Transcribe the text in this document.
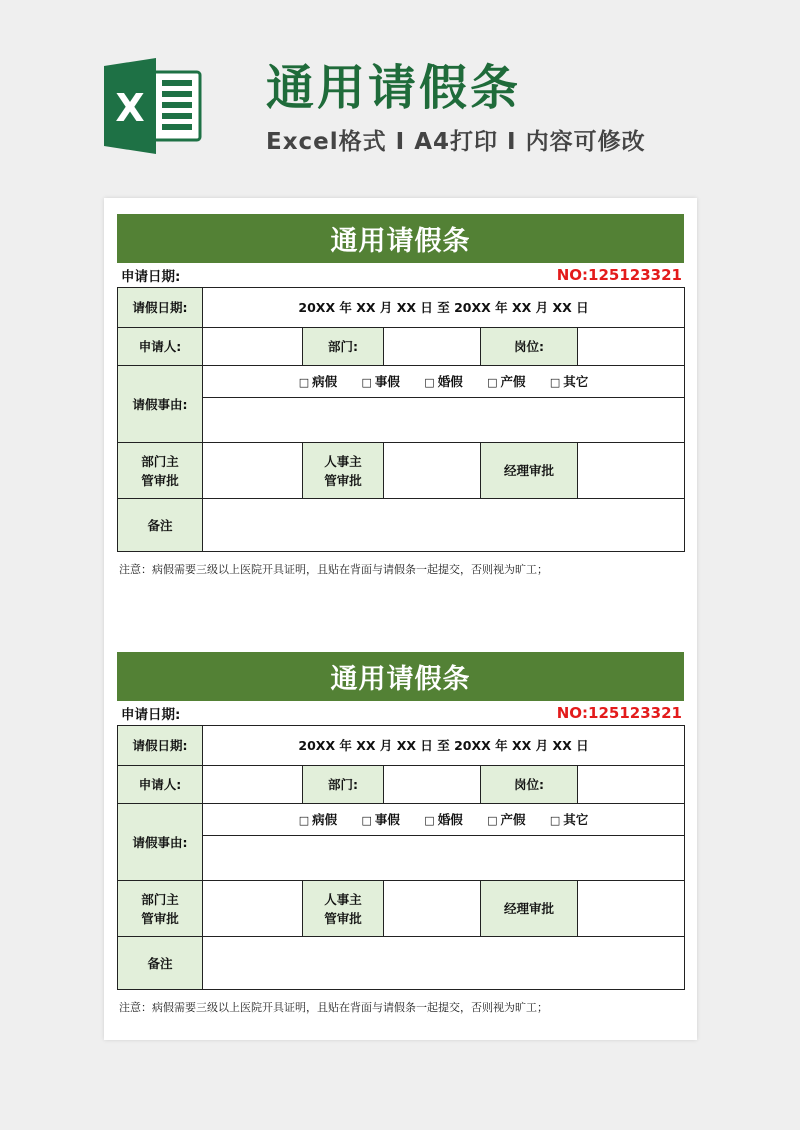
X	通用请假条
Excel格式 Ⅰ A4打印 Ⅰ 内容可修改
通用请假条
申请日期:	NO:125123321
请假日期:	20XX 年 XX 月 XX 日 至 20XX 年 XX 月 XX 日				
申请人:		部门:		岗位:	
请假事由:	□ 病假 □ 事假 □ 婚假 □ 产假 □ 其它				

部门主管审批		人事主管审批		经理审批	
备注					
注意：病假需要三级以上医院开具证明，且贴在背面与请假条一起提交，否则视为旷工；
通用请假条
申请日期:	NO:125123321
请假日期:	20XX 年 XX 月 XX 日 至 20XX 年 XX 月 XX 日				
申请人:		部门:		岗位:	
请假事由:	□ 病假 □ 事假 □ 婚假 □ 产假 □ 其它				

部门主管审批		人事主管审批		经理审批	
备注					
注意：病假需要三级以上医院开具证明，且贴在背面与请假条一起提交，否则视为旷工；
